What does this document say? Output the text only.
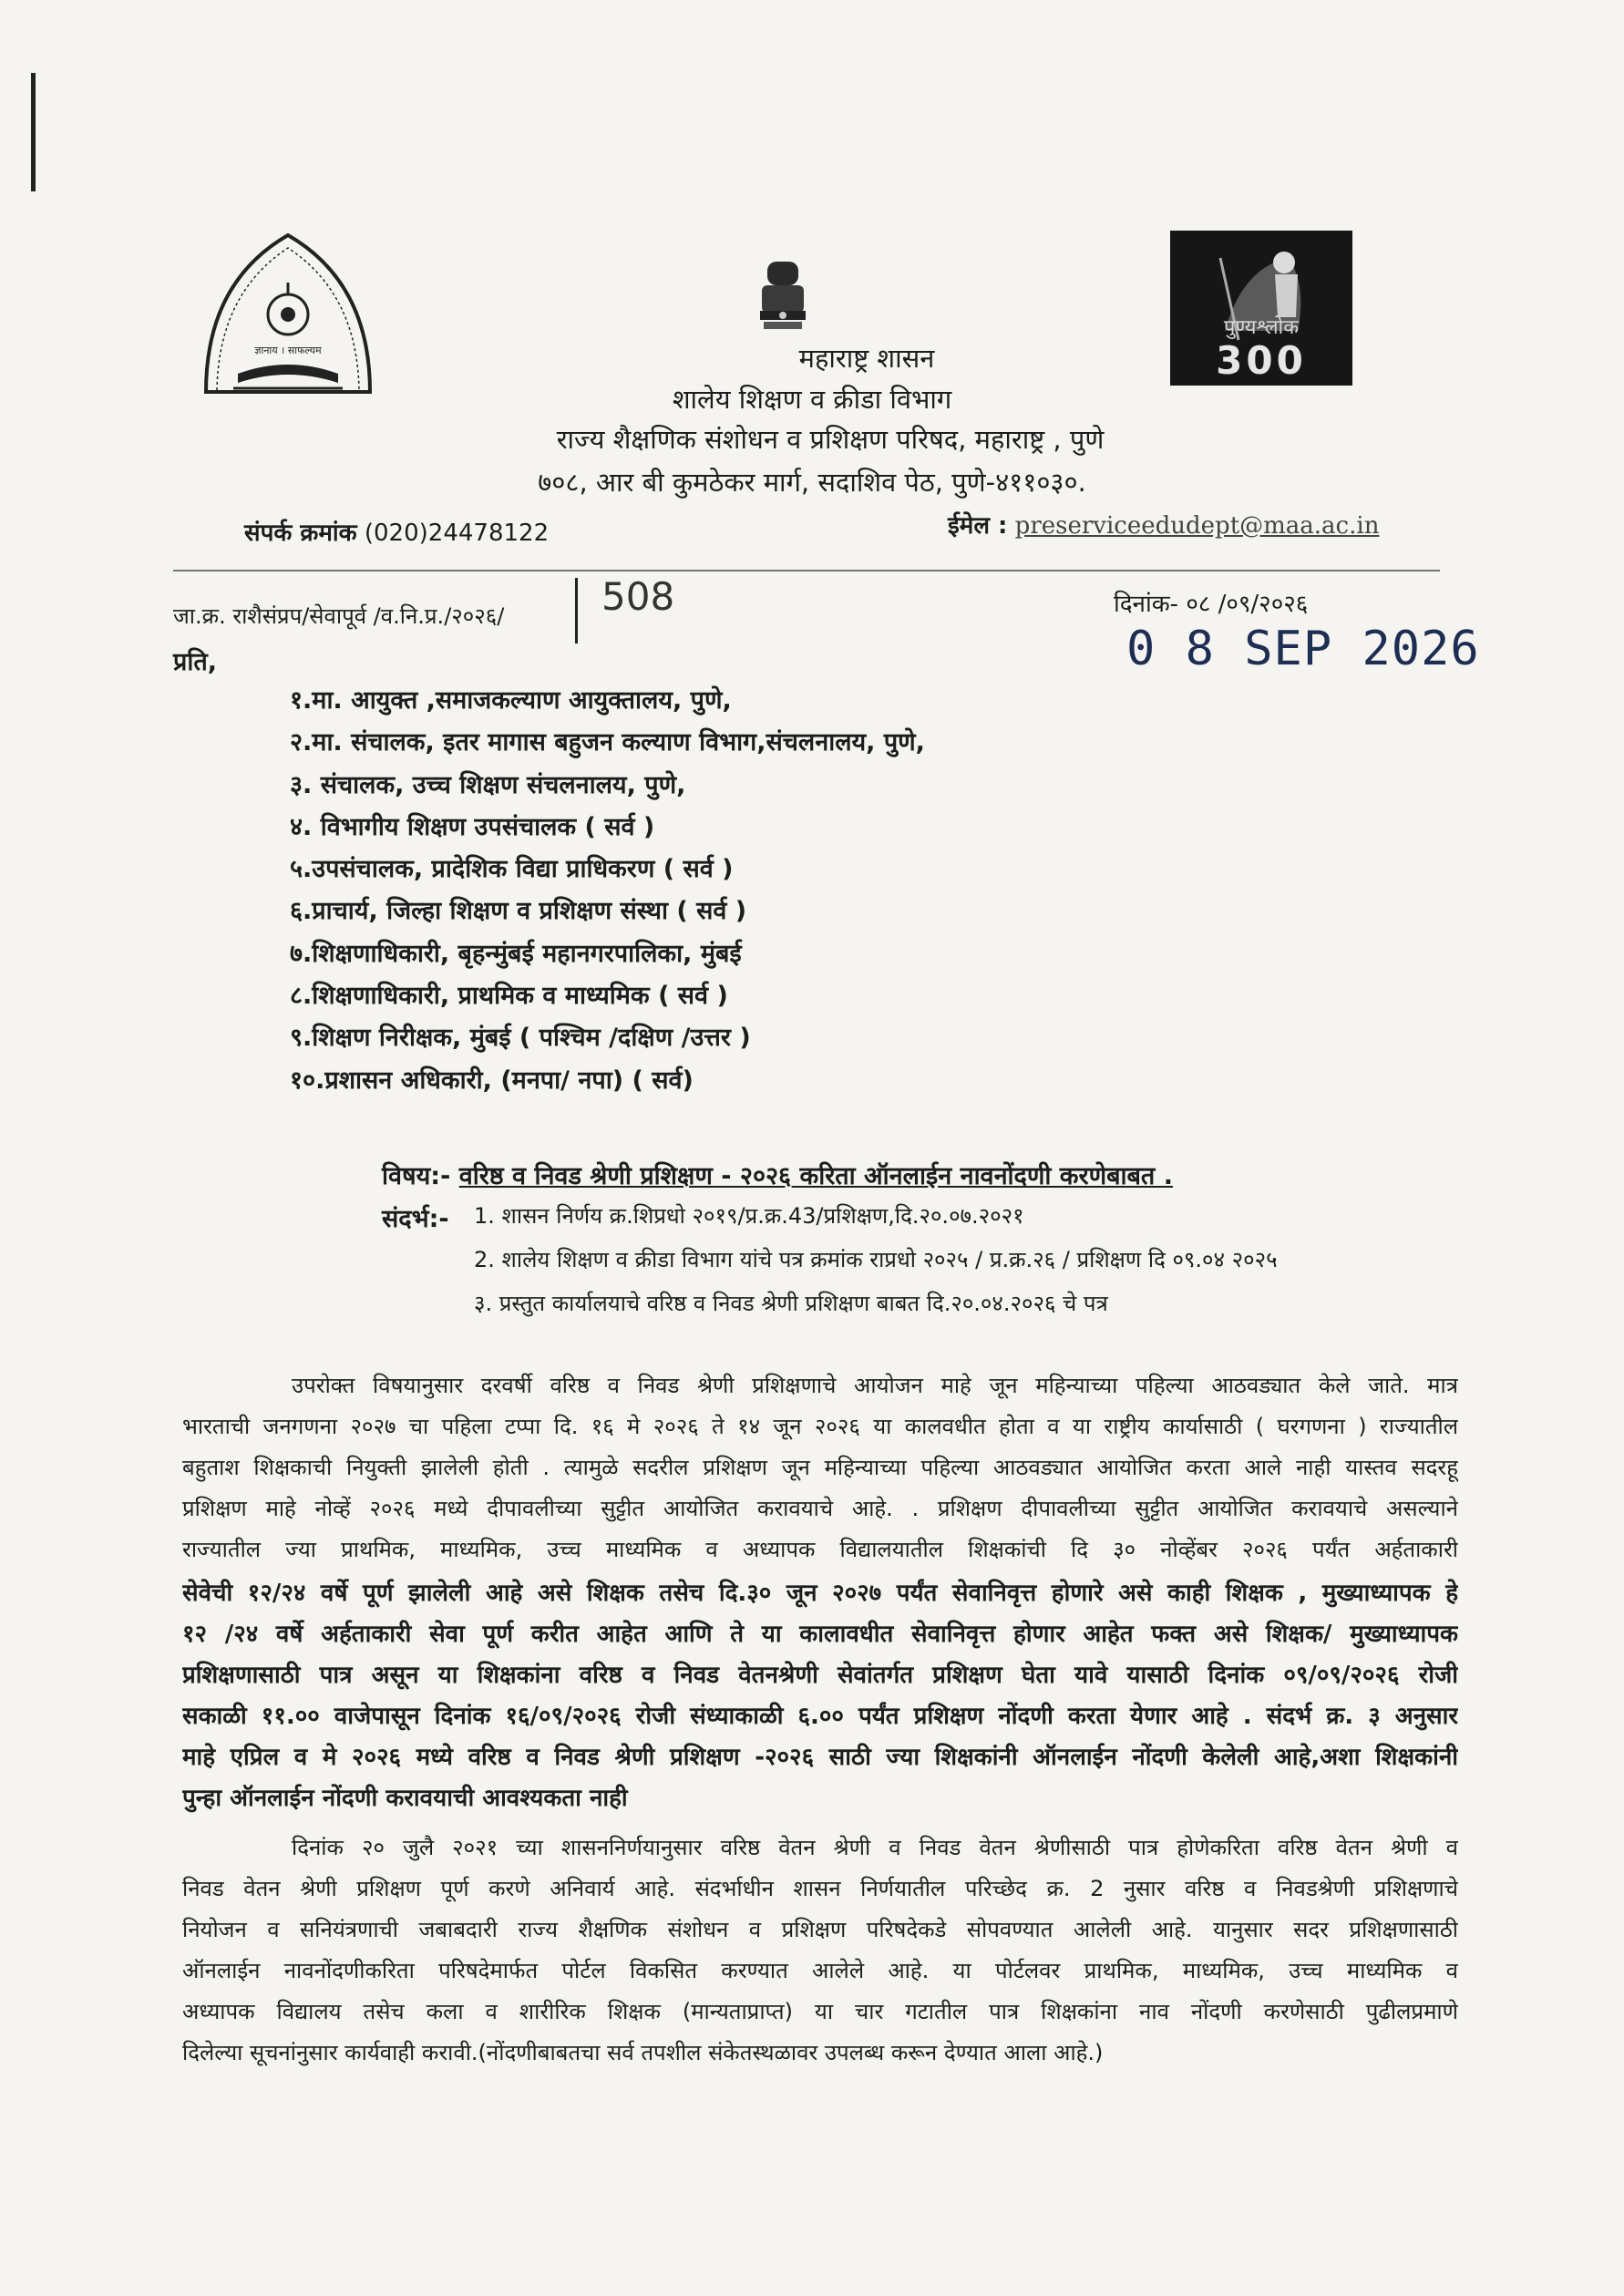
ज्ञानाय । साफल्यम
पुण्यश्लोक
300
महाराष्ट्र शासन
शालेय शिक्षण व क्रीडा विभाग
राज्य शैक्षणिक संशोधन व प्रशिक्षण परिषद, महाराष्ट्र , पुणे
७०८, आर बी कुमठेकर मार्ग, सदाशिव पेठ, पुणे-४११०३०.
संपर्क क्रमांक (020)24478122	ईमेल : preserviceedudept@maa.ac.in
जा.क्र. राशैसंप्रप/सेवापूर्व /व.नि.प्र./२०२६/	508	दिनांक- ०८ /०९/२०२६
0 8 SEP 2026
प्रति,
१.मा. आयुक्त ,समाजकल्याण आयुक्तालय, पुणे,
२.मा. संचालक, इतर मागास बहुजन कल्याण विभाग,संचलनालय, पुणे,
३. संचालक, उच्च शिक्षण संचलनालय, पुणे,
४. विभागीय शिक्षण उपसंचालक ( सर्व )
५.उपसंचालक, प्रादेशिक विद्या प्राधिकरण ( सर्व )
६.प्राचार्य, जिल्हा शिक्षण व प्रशिक्षण संस्था ( सर्व )
७.शिक्षणाधिकारी, बृहन्मुंबई महानगरपालिका, मुंबई
८.शिक्षणाधिकारी, प्राथमिक व माध्यमिक ( सर्व )
९.शिक्षण निरीक्षक, मुंबई ( पश्चिम /दक्षिण /उत्तर )
१०.प्रशासन अधिकारी, (मनपा/ नपा) ( सर्व)
विषय:- वरिष्ठ व निवड श्रेणी प्रशिक्षण - २०२६ करिता ऑनलाईन नावनोंदणी करणेबाबत .
संदर्भ:- 1. शासन निर्णय क्र.शिप्रधो २०१९/प्र.क्र.43/प्रशिक्षण,दि.२०.०७.२०२१
2. शालेय शिक्षण व क्रीडा विभाग यांचे पत्र क्रमांक राप्रधो २०२५ / प्र.क्र.२६ / प्रशिक्षण दि ०९.०४ २०२५
३. प्रस्तुत कार्यालयाचे वरिष्ठ व निवड श्रेणी प्रशिक्षण बाबत दि.२०.०४.२०२६ चे पत्र
उपरोक्त विषयानुसार दरवर्षी वरिष्ठ व निवड श्रेणी प्रशिक्षणाचे आयोजन माहे जून महिन्याच्या पहिल्या आठवड्यात केले जाते. मात्र
भारताची जनगणना २०२७ चा पहिला टप्पा दि. १६ मे २०२६ ते १४ जून २०२६ या कालवधीत होता व या राष्ट्रीय कार्यासाठी ( घरगणना ) राज्यातील
बहुताश शिक्षकाची नियुक्ती झालेली होती . त्यामुळे सदरील प्रशिक्षण जून महिन्याच्या पहिल्या आठवड्यात आयोजित करता आले नाही यास्तव सदरहू
प्रशिक्षण माहे नोव्हें २०२६ मध्ये दीपावलीच्या सुट्टीत आयोजित करावयाचे आहे. . प्रशिक्षण दीपावलीच्या सुट्टीत आयोजित करावयाचे असल्याने
राज्यातील ज्या प्राथमिक, माध्यमिक, उच्च माध्यमिक व अध्यापक विद्यालयातील शिक्षकांची दि ३० नोव्हेंबर २०२६ पर्यंत अर्हताकारी
सेवेची १२/२४ वर्षे पूर्ण झालेली आहे असे शिक्षक तसेच दि.३० जून २०२७ पर्यंत सेवानिवृत्त होणारे असे काही शिक्षक , मुख्याध्यापक हे
१२ /२४ वर्षे अर्हताकारी सेवा पूर्ण करीत आहेत आणि ते या कालावधीत सेवानिवृत्त होणार आहेत फक्त असे शिक्षक/ मुख्याध्यापक
प्रशिक्षणासाठी पात्र असून या शिक्षकांना वरिष्ठ व निवड वेतनश्रेणी सेवांतर्गत प्रशिक्षण घेता यावे यासाठी दिनांक ०९/०९/२०२६ रोजी
सकाळी ११.०० वाजेपासून दिनांक १६/०९/२०२६ रोजी संध्याकाळी ६.०० पर्यंत प्रशिक्षण नोंदणी करता येणार आहे . संदर्भ क्र. ३ अनुसार
माहे एप्रिल व मे २०२६ मध्ये वरिष्ठ व निवड श्रेणी प्रशिक्षण -२०२६ साठी ज्या शिक्षकांनी ऑनलाईन नोंदणी केलेली आहे,अशा शिक्षकांनी
पुन्हा ऑनलाईन नोंदणी करावयाची आवश्यकता नाही
दिनांक २० जुलै २०२१ च्या शासननिर्णयानुसार वरिष्ठ वेतन श्रेणी व निवड वेतन श्रेणीसाठी पात्र होणेकरिता वरिष्ठ वेतन श्रेणी व
निवड वेतन श्रेणी प्रशिक्षण पूर्ण करणे अनिवार्य आहे. संदर्भाधीन शासन निर्णयातील परिच्छेद क्र. 2 नुसार वरिष्ठ व निवडश्रेणी प्रशिक्षणाचे
नियोजन व सनियंत्रणाची जबाबदारी राज्य शैक्षणिक संशोधन व प्रशिक्षण परिषदेकडे सोपवण्यात आलेली आहे. यानुसार सदर प्रशिक्षणासाठी
ऑनलाईन नावनोंदणीकरिता परिषदेमार्फत पोर्टल विकसित करण्यात आलेले आहे. या पोर्टलवर प्राथमिक, माध्यमिक, उच्च माध्यमिक व
अध्यापक विद्यालय तसेच कला व शारीरिक शिक्षक (मान्यताप्राप्त) या चार गटातील पात्र शिक्षकांना नाव नोंदणी करणेसाठी पुढीलप्रमाणे
दिलेल्या सूचनांनुसार कार्यवाही करावी.(नोंदणीबाबतचा सर्व तपशील संकेतस्थळावर उपलब्ध करून देण्यात आला आहे.)
